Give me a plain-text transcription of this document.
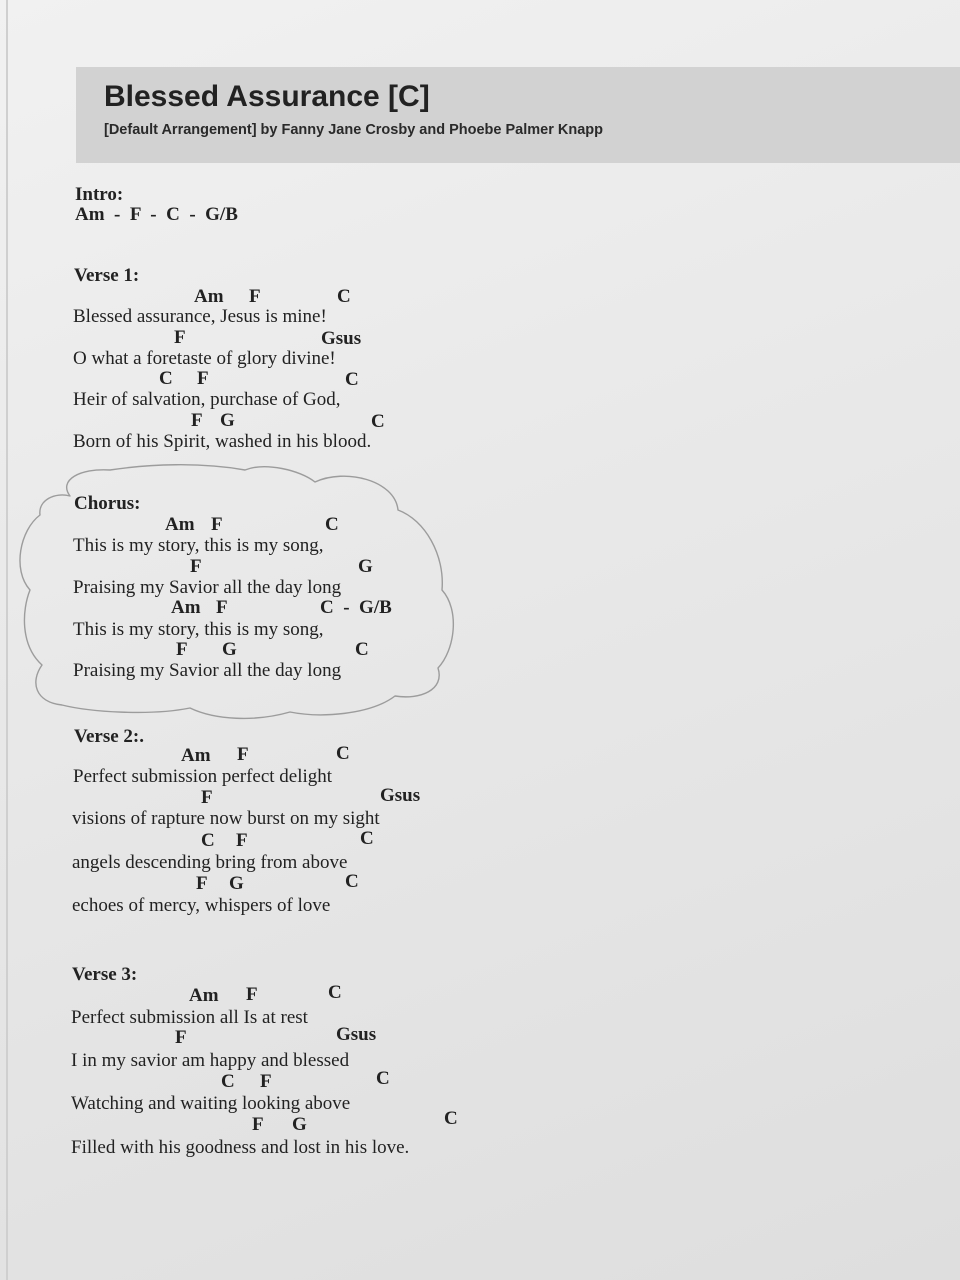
Blessed Assurance [C]
[Default Arrangement] by Fanny Jane Crosby and Phoebe Palmer Knapp
Intro:
Am  -  F  -  C  -  G/B
Verse 1:
Am F	C
Blessed assurance, Jesus is mine!
F	Gsus
O what a foretaste of glory divine!
C F	C
Heir of salvation, purchase of God,
F G	C
Born of his Spirit, washed in his blood.
Chorus:
Am F	C
This is my story, this is my song,
F	G
Praising my Savior all the day long
Am F	C  -  G/B
This is my story, this is my song,
F G	C
Praising my Savior all the day long
Verse 2:.
Am F	C
Perfect submission perfect delight
F	Gsus
visions of rapture now burst on my sight
C F	C
angels descending bring from above
F G	C
echoes of mercy, whispers of love
Verse 3:
Am F	C
Perfect submission all Is at rest
F	Gsus
I in my savior am happy and blessed
C F	C
Watching and waiting looking above
F G	C
Filled with his goodness and lost in his love.
